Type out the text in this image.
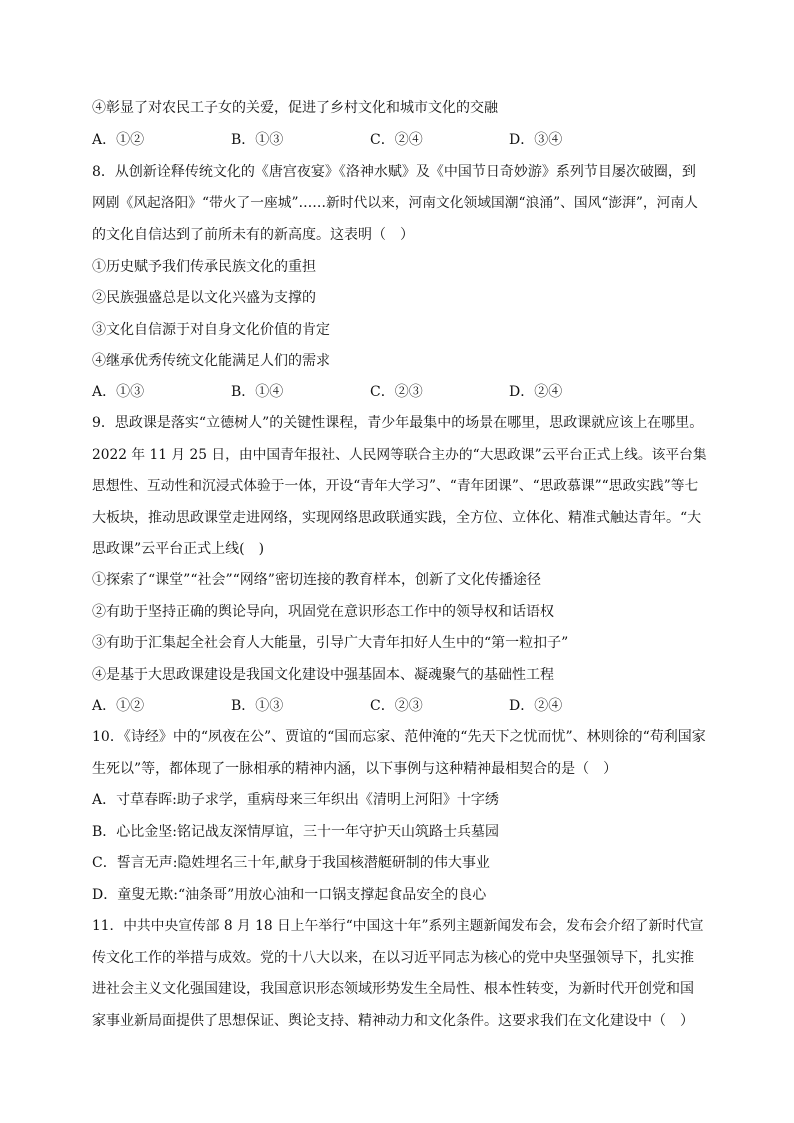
④彰显了对农民工子女的关爱，促进了乡村文化和城市文化的交融
A．①②	B．①③	C．②④	D．③④
8．从创新诠释传统文化的《唐宫夜宴》《洛神水赋》及《中国节日奇妙游》系列节目屡次破圈，到
网剧《风起洛阳》“带火了一座城”……新时代以来，河南文化领域国潮“浪涌”、国风“澎湃”，河南人
的文化自信达到了前所未有的新高度。这表明（　）
①历史赋予我们传承民族文化的重担
②民族强盛总是以文化兴盛为支撑的
③文化自信源于对自身文化价值的肯定
④继承优秀传统文化能满足人们的需求
A．①③	B．①④	C．②③	D．②④
9．思政课是落实“立德树人”的关键性课程，青少年最集中的场景在哪里，思政课就应该上在哪里。
2022 年 11 月 25 日，由中国青年报社、人民网等联合主办的“大思政课”云平台正式上线。该平台集
思想性、互动性和沉浸式体验于一体，开设“青年大学习”、“青年团课”、“思政慕课”“思政实践”等七
大板块，推动思政课堂走进网络，实现网络思政联通实践，全方位、立体化、精准式触达青年。“大
思政课”云平台正式上线(　)
①探索了“课堂”“社会”“网络”密切连接的教育样本，创新了文化传播途径
②有助于坚持正确的舆论导向，巩固党在意识形态工作中的领导权和话语权
③有助于汇集起全社会育人大能量，引导广大青年扣好人生中的“第一粒扣子”
④是基于大思政课建设是我国文化建设中强基固本、凝魂聚气的基础性工程
A．①②	B．①③	C．②③	D．②④
10．《诗经》中的“夙夜在公”、贾谊的“国而忘家、范仲淹的“先天下之忧而忧”、林则徐的“苟利国家
生死以”等，都体现了一脉相承的精神内涵，以下事例与这种精神最相契合的是（　）
A．寸草春晖:助子求学，重病母来三年织出《清明上河阳》十字绣
B．心比金坚:铭记战友深情厚谊，三十一年守护天山筑路士兵墓园
C．誓言无声:隐姓埋名三十年,献身于我国核潜艇研制的伟大事业
D．童叟无欺:“油条哥”用放心油和一口锅支撑起食品安全的良心
11．中共中央宣传部 8 月 18 日上午举行“中国这十年”系列主题新闻发布会，发布会介绍了新时代宣
传文化工作的举措与成效。党的十八大以来，在以习近平同志为核心的党中央坚强领导下，扎实推
进社会主义文化强国建设，我国意识形态领域形势发生全局性、根本性转变，为新时代开创党和国
家事业新局面提供了思想保证、舆论支持、精神动力和文化条件。这要求我们在文化建设中（　）
